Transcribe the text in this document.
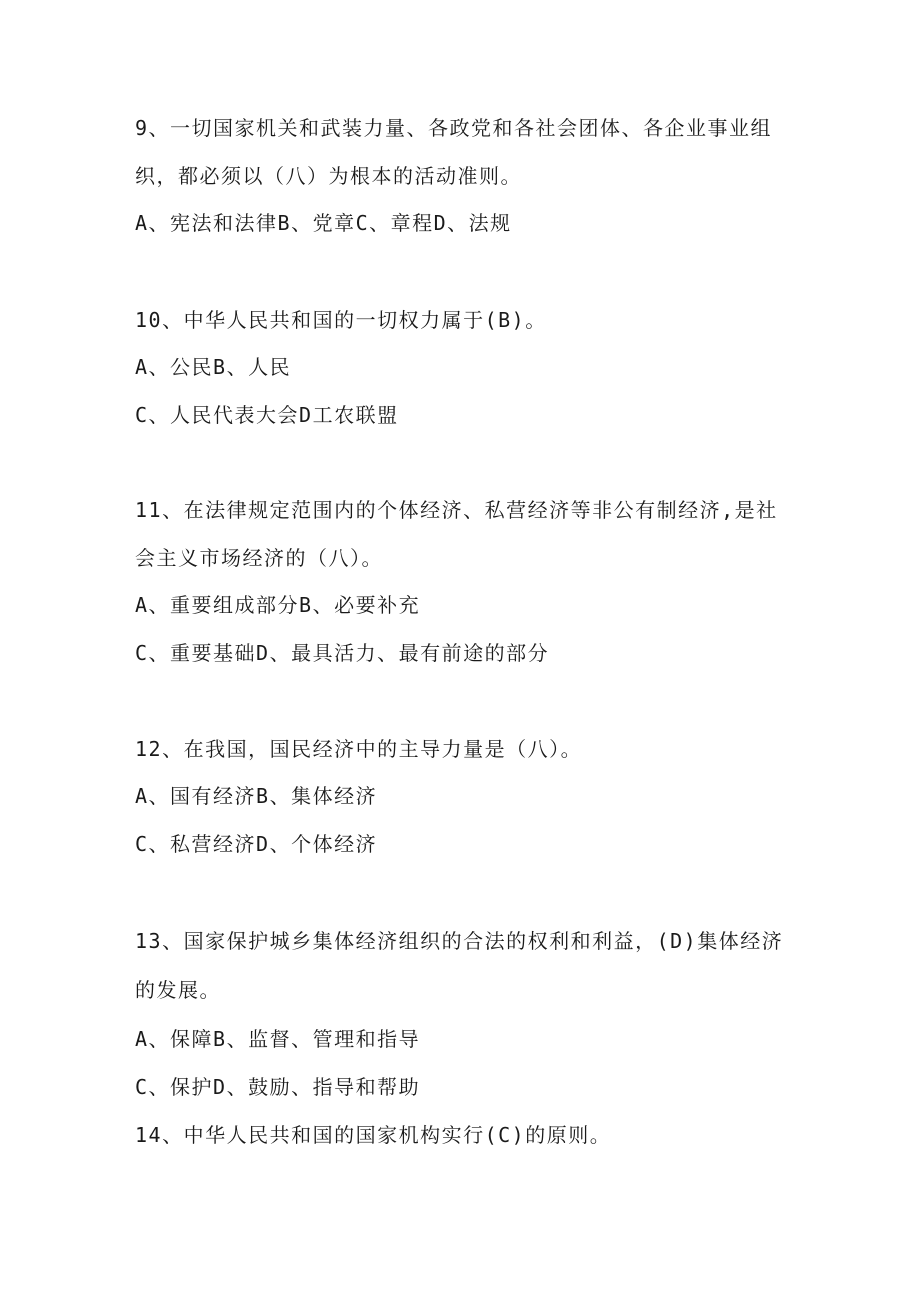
9、一切国家机关和武装力量、各政党和各社会团体、各企业事业组
织，都必须以（八）为根本的活动准则。
A、宪法和法律B、党章C、章程D、法规
10、中华人民共和国的一切权力属于(B)。
A、公民B、人民
C、人民代表大会D工农联盟
11、在法律规定范围内的个体经济、私营经济等非公有制经济,是社
会主义市场经济的（八）。
A、重要组成部分B、必要补充
C、重要基础D、最具活力、最有前途的部分
12、在我国，国民经济中的主导力量是（八）。
A、国有经济B、集体经济
C、私营经济D、个体经济
13、国家保护城乡集体经济组织的合法的权利和利益，(D)集体经济
的发展。
A、保障B、监督、管理和指导
C、保护D、鼓励、指导和帮助
14、中华人民共和国的国家机构实行(C)的原则。
